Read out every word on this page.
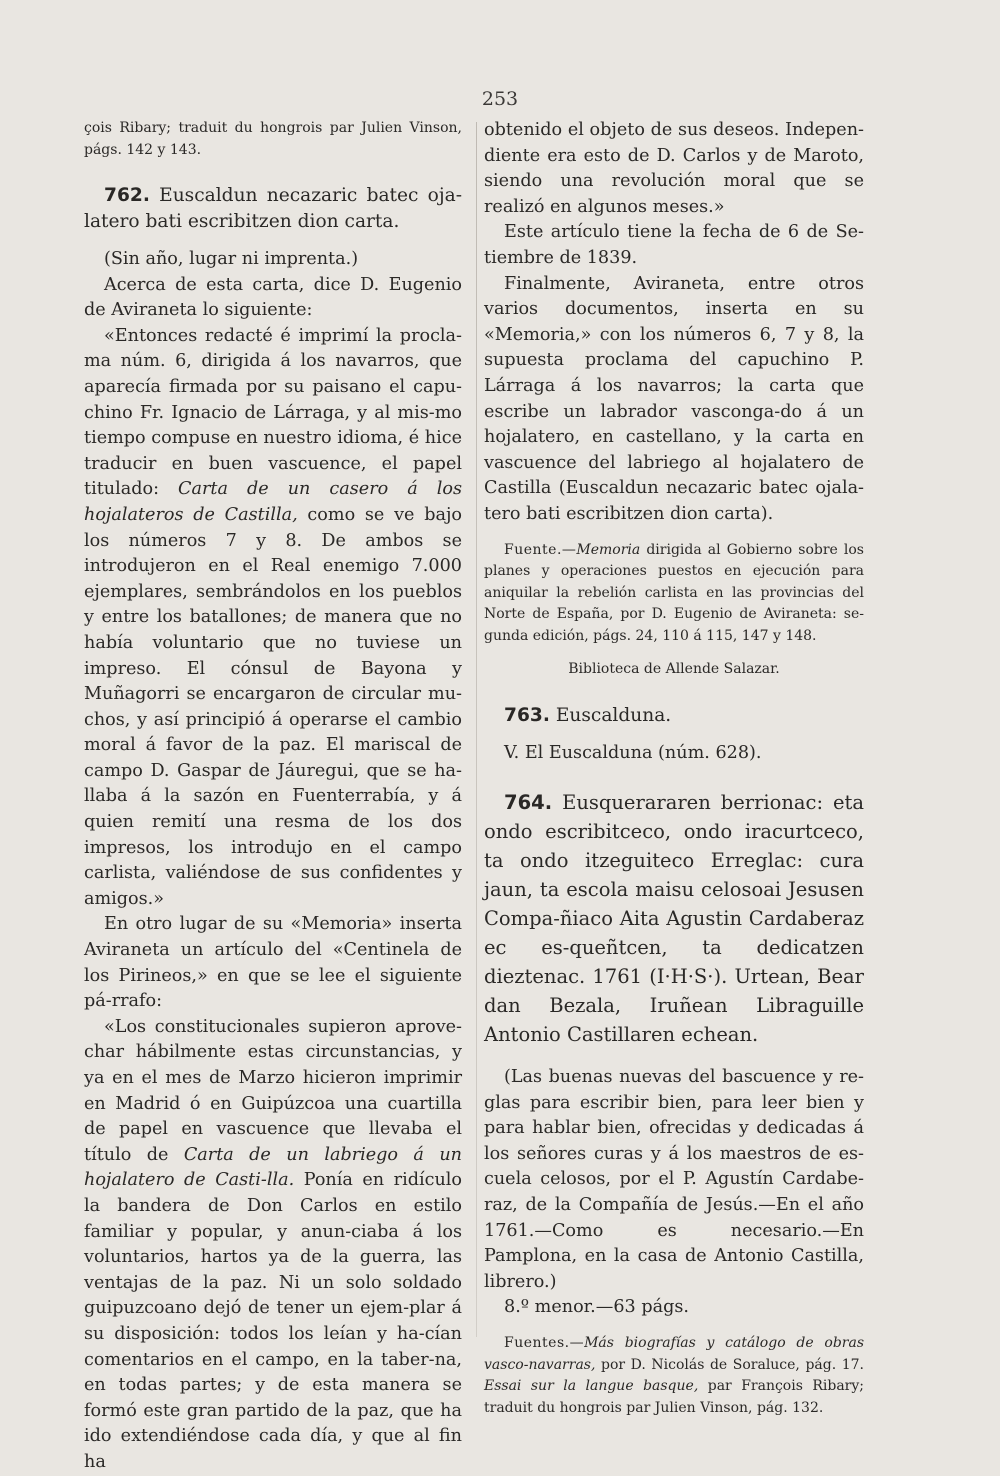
253

çois Ribary; traduit du hongrois par Julien Vinson, págs. 142 y 143.

762. Euscaldun necazaric batec oja-latero bati escribitzen dion carta.

(Sin año, lugar ni imprenta.)

Acerca de esta carta, dice D. Eugenio de Aviraneta lo siguiente:

«Entonces redacté é imprimí la procla-ma núm. 6, dirigida á los navarros, que aparecía firmada por su paisano el capu-chino Fr. Ignacio de Lárraga, y al mis-mo tiempo compuse en nuestro idioma, é hice traducir en buen vascuence, el papel titulado: Carta de un casero á los hojalateros de Castilla, como se ve bajo los números 7 y 8. De ambos se introdujeron en el Real enemigo 7.000 ejemplares, sembrándolos en los pueblos y entre los batallones; de manera que no había voluntario que no tuviese un impreso. El cónsul de Bayona y Muñagorri se encargaron de circular mu-chos, y así principió á operarse el cambio moral á favor de la paz. El mariscal de campo D. Gaspar de Jáuregui, que se ha-llaba á la sazón en Fuenterrabía, y á quien remití una resma de los dos impresos, los introdujo en el campo carlista, valiéndose de sus confidentes y amigos.»

En otro lugar de su «Memoria» inserta Aviraneta un artículo del «Centinela de los Pirineos,» en que se lee el siguiente pá-rrafo:

«Los constitucionales supieron aprove-char hábilmente estas circunstancias, y ya en el mes de Marzo hicieron imprimir en Madrid ó en Guipúzcoa una cuartilla de papel en vascuence que llevaba el título de Carta de un labriego á un hojalatero de Casti-lla. Ponía en ridículo la bandera de Don Carlos en estilo familiar y popular, y anun-ciaba á los voluntarios, hartos ya de la guerra, las ventajas de la paz. Ni un solo soldado guipuzcoano dejó de tener un ejem-plar á su disposición: todos los leían y ha-cían comentarios en el campo, en la taber-na, en todas partes; y de esta manera se formó este gran partido de la paz, que ha ido extendiéndose cada día, y que al fin ha

obtenido el objeto de sus deseos. Indepen-diente era esto de D. Carlos y de Maroto, siendo una revolución moral que se realizó en algunos meses.»

Este artículo tiene la fecha de 6 de Se-tiembre de 1839.

Finalmente, Aviraneta, entre otros varios documentos, inserta en su «Memoria,» con los números 6, 7 y 8, la supuesta proclama del capuchino P. Lárraga á los navarros; la carta que escribe un labrador vasconga-do á un hojalatero, en castellano, y la carta en vascuence del labriego al hojalatero de Castilla (Euscaldun necazaric batec ojala-tero bati escribitzen dion carta).

Fuente.—Memoria dirigida al Gobierno sobre los planes y operaciones puestos en ejecución para aniquilar la rebelión carlista en las provincias del Norte de España, por D. Eugenio de Aviraneta: se-gunda edición, págs. 24, 110 á 115, 147 y 148.

Biblioteca de Allende Salazar.

763. Euscalduna.

V. El Euscalduna (núm. 628).

764. Eusquerararen berrionac: eta ondo escribitceco, ondo iracurtceco, ta ondo itzeguiteco Erreglac: cura jaun, ta escola maisu celosoai Jesusen Compa-ñiaco Aita Agustin Cardaberaz ec es-queñtcen, ta dedicatzen dieztenac. 1761 (I·H·S·). Urtean, Bear dan Bezala, Iruñean Libraguille Antonio Castillaren echean.

(Las buenas nuevas del bascuence y re-glas para escribir bien, para leer bien y para hablar bien, ofrecidas y dedicadas á los señores curas y á los maestros de es-cuela celosos, por el P. Agustín Cardabe-raz, de la Compañía de Jesús.—En el año 1761.—Como es necesario.—En Pamplona, en la casa de Antonio Castilla, librero.)

8.º menor.—63 págs.

Fuentes.—Más biografías y catálogo de obras vasco-navarras, por D. Nicolás de Soraluce, pág. 17. Essai sur la langue basque, par François Ribary; traduit du hongrois par Julien Vinson, pág. 132.
